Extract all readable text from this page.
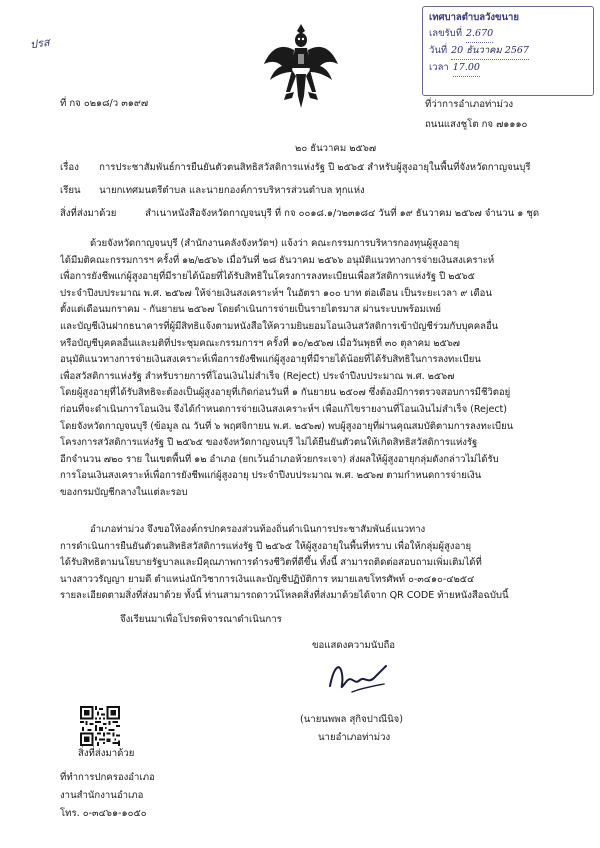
ปรส
เทศบาลตำบลวังขนาย
เลขรับที่ 2.670
วันที่ 20 ธันวาคม 2567
เวลา 17.00
ที่ กจ ๐๒๑๘/ว ๓๑๙๗	ที่ว่าการอำเภอท่าม่วง
ถนนแสงชูโต กจ ๗๑๑๑๐
๒๐ ธันวาคม ๒๕๖๗
เรื่อง การประชาสัมพันธ์การยืนยันตัวตนสิทธิสวัสดิการแห่งรัฐ ปี ๒๕๖๕ สำหรับผู้สูงอายุในพื้นที่จังหวัดกาญจนบุรี
เรียน นายกเทศมนตรีตำบล และนายกองค์การบริหารส่วนตำบล ทุกแห่ง
สิ่งที่ส่งมาด้วย	สำเนาหนังสือจังหวัดกาญจนบุรี ที่ กจ ๐๐๑๘.๑/ว๒๓๑๘๔ วันที่ ๑๙ ธันวาคม ๒๕๖๗ จำนวน ๑ ชุด
ด้วยจังหวัดกาญจนบุรี (สำนักงานคลังจังหวัดฯ) แจ้งว่า คณะกรรมการบริหารกองทุนผู้สูงอายุ
ได้มีมติคณะกรรมการฯ ครั้งที่ ๑๒/๒๕๖๖ เมื่อวันที่ ๒๘ ธันวาคม ๒๕๖๖ อนุมัติแนวทางการจ่ายเงินสงเคราะห์
เพื่อการยังชีพแก่ผู้สูงอายุที่มีรายได้น้อยที่ได้รับสิทธิในโครงการลงทะเบียนเพื่อสวัสดิการแห่งรัฐ ปี ๒๕๖๕
ประจำปีงบประมาณ พ.ศ. ๒๕๖๗ ให้จ่ายเงินสงเคราะห์ฯ ในอัตรา ๑๐๐ บาท ต่อเดือน เป็นระยะเวลา ๙ เดือน
ตั้งแต่เดือนมกราคม - กันยายน ๒๕๖๗ โดยดำเนินการจ่ายเป็นรายไตรมาส ผ่านระบบพร้อมเพย์
และบัญชีเงินฝากธนาคารที่ผู้มีสิทธิแจ้งตามหนังสือให้ความยินยอมโอนเงินสวัสดิการเข้าบัญชีร่วมกับบุคคลอื่น
หรือบัญชีบุคคลอื่นและมติที่ประชุมคณะกรรมการฯ ครั้งที่ ๑๐/๒๕๖๗ เมื่อวันพุธที่ ๓๐ ตุลาคม ๒๕๖๗
อนุมัติแนวทางการจ่ายเงินสงเคราะห์เพื่อการยังชีพแก่ผู้สูงอายุที่มีรายได้น้อยที่ได้รับสิทธิในการลงทะเบียน
เพื่อสวัสดิการแห่งรัฐ สำหรับรายการที่โอนเงินไม่สำเร็จ (Reject) ประจำปีงบประมาณ พ.ศ. ๒๕๖๗
โดยผู้สูงอายุที่ได้รับสิทธิจะต้องเป็นผู้สูงอายุที่เกิดก่อนวันที่ ๑ กันยายน ๒๕๐๗ ซึ่งต้องมีการตรวจสอบการมีชีวิตอยู่
ก่อนที่จะดำเนินการโอนเงิน จึงได้กำหนดการจ่ายเงินสงเคราะห์ฯ เพื่อแก้ไขรายงานที่โอนเงินไม่สำเร็จ (Reject)
โดยจังหวัดกาญจนบุรี (ข้อมูล ณ วันที่ ๖ พฤศจิกายน พ.ศ. ๒๕๖๗) พบผู้สูงอายุที่ผ่านคุณสมบัติตามการลงทะเบียน
โครงการสวัสดิการแห่งรัฐ ปี ๒๕๖๕ ของจังหวัดกาญจนบุรี ไม่ได้ยืนยันตัวตนให้เกิดสิทธิสวัสดิการแห่งรัฐ
อีกจำนวน ๗๒๐ ราย ในเขตพื้นที่ ๑๒ อำเภอ (ยกเว้นอำเภอห้วยกระเจา) ส่งผลให้ผู้สูงอายุกลุ่มดังกล่าวไม่ได้รับ
การโอนเงินสงเคราะห์เพื่อการยังชีพแก่ผู้สูงอายุ ประจำปีงบประมาณ พ.ศ. ๒๕๖๗ ตามกำหนดการจ่ายเงิน
ของกรมบัญชีกลางในแต่ละรอบ
อำเภอท่าม่วง จึงขอให้องค์กรปกครองส่วนท้องถิ่นดำเนินการประชาสัมพันธ์แนวทาง
การดำเนินการยืนยันตัวตนสิทธิสวัสดิการแห่งรัฐ ปี ๒๕๖๕ ให้ผู้สูงอายุในพื้นที่ทราบ เพื่อให้กลุ่มผู้สูงอายุ
ได้รับสิทธิตามนโยบายรัฐบาลและมีคุณภาพการดำรงชีวิตที่ดีขึ้น ทั้งนี้ สามารถติดต่อสอบถามเพิ่มเติมได้ที่
นางสาววรัญญา ยามดี ตำแหน่งนักวิชาการเงินและบัญชีปฏิบัติการ หมายเลขโทรศัพท์ ๐-๓๔๑๐-๔๒๕๔
รายละเอียดตามสิ่งที่ส่งมาด้วย ทั้งนี้ ท่านสามารถดาวน์โหลดสิ่งที่ส่งมาด้วยได้จาก QR CODE ท้ายหนังสือฉบับนี้
จึงเรียนมาเพื่อโปรดพิจารณาดำเนินการ
ขอแสดงความนับถือ
(นายนพพล สุกิจปาณีนิจ)
นายอำเภอท่าม่วง
สิ่งที่ส่งมาด้วย
ที่ทำการปกครองอำเภอ
งานสำนักงานอำเภอ
โทร. ๐-๓๔๖๑-๑๐๕๐
